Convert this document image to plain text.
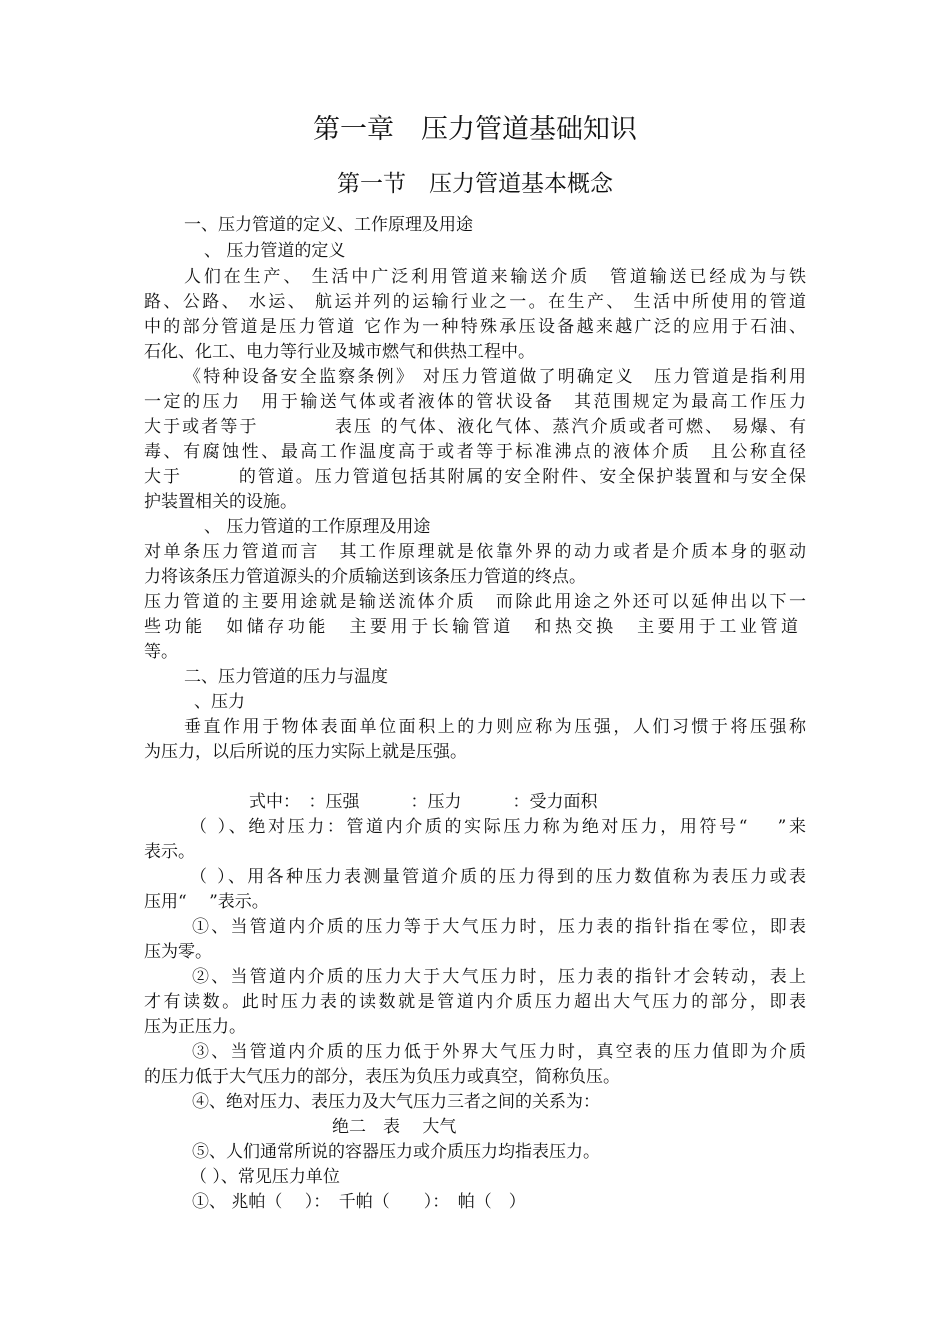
第一章　压力管道基础知识
第一节　压力管道基本概念
一、压力管道的定义、工作原理及用途
、 压力管道的定义
人们在生产、 生活中广泛利用管道来输送介质　管道输送已经成为与铁
路、公路、 水运、 航运并列的运输行业之一。在生产、 生活中所使用的管道
中的部分管道是压力管道 它作为一种特殊承压设备越来越广泛的应用于石油、
石化、化工、电力等行业及城市燃气和供热工程中。
《特种设备安全监察条例》 对压力管道做了明确定义　压力管道是指利用
一定的压力　用于输送气体或者液体的管状设备　其范围规定为最高工作压力
大于或者等于　　　　表压 的气体、液化气体、蒸汽介质或者可燃、 易爆、有
毒、有腐蚀性、最高工作温度高于或者等于标准沸点的液体介质　且公称直径
大于　　　的管道。压力管道包括其附属的安全附件、安全保护装置和与安全保
护装置相关的设施。
、 压力管道的工作原理及用途
对单条压力管道而言　其工作原理就是依靠外界的动力或者是介质本身的驱动
力将该条压力管道源头的介质输送到该条压力管道的终点。
压力管道的主要用途就是输送流体介质　而除此用途之外还可以延伸出以下一
些功能　如储存功能　主要用于长输管道　和热交换　主要用于工业管道
等。
二、压力管道的压力与温度
、压力
垂直作用于物体表面单位面积上的力则应称为压强，人们习惯于将压强称
为压力，以后所说的压力实际上就是压强。
式中：　：压强　　　：压力　　　：受力面积
（ ）、绝对压力：管道内介质的实际压力称为绝对压力，用符号“　 ”来
表示。
（ ）、用各种压力表测量管道介质的压力得到的压力数值称为表压力或表
压用“　 ”表示。
①、当管道内介质的压力等于大气压力时，压力表的指针指在零位，即表
压为零。
②、当管道内介质的压力大于大气压力时，压力表的指针才会转动，表上
才有读数。此时压力表的读数就是管道内介质压力超出大气压力的部分，即表
压为正压力。
③、当管道内介质的压力低于外界大气压力时，真空表的压力值即为介质
的压力低于大气压力的部分，表压为负压力或真空，简称负压。
④、绝对压力、表压力及大气压力三者之间的关系为：
绝二　表　 大气
⑤、人们通常所说的容器压力或介质压力均指表压力。
（ ）、常见压力单位
①、 兆帕（　 ）：　千帕（　　）：　帕（　）
